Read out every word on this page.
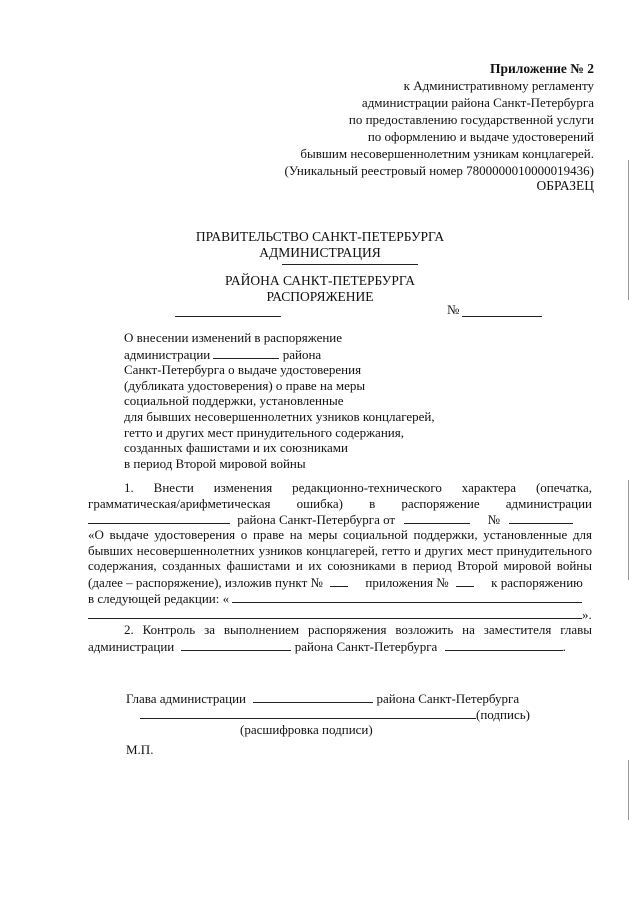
Приложение № 2
к Административному регламенту
администрации района Санкт-Петербурга
по предоставлению государственной услуги
по оформлению и выдаче удостоверений
бывшим несовершеннолетним узникам концлагерей.
(Уникальный реестровый номер 7800000010000019436)
ОБРАЗЕЦ
ПРАВИТЕЛЬСТВО САНКТ-ПЕТЕРБУРГА
АДМИНИСТРАЦИЯ
РАЙОНА САНКТ-ПЕТЕРБУРГА
РАСПОРЯЖЕНИЕ
№
О внесении изменений в распоряжение
администрации	района
Санкт-Петербурга о выдаче удостоверения
(дубликата удостоверения) о праве на меры
социальной поддержки, установленные
для бывших несовершеннолетних узников концлагерей,
гетто и других мест принудительного содержания,
созданных фашистами и их союзниками
в период Второй мировой войны
1. Внести изменения редакционно-технического характера (опечатка,
грамматическая/арифметическая ошибка) в распоряжение администрации
района Санкт-Петербурга от	№
«О выдаче удостоверения о праве на меры социальной поддержки, установленные для
бывших несовершеннолетних узников концлагерей, гетто и других мест принудительного
содержания, созданных фашистами и их союзниками в период Второй мировой войны
(далее – распоряжение), изложив пункт №	приложения №	к распоряжению
в следующей редакции: «
».
2. Контроль за выполнением распоряжения возложить на заместителя главы
администрации	района Санкт-Петербурга	.
Глава администрации	района Санкт-Петербурга
(подпись)
(расшифровка подписи)
М.П.
